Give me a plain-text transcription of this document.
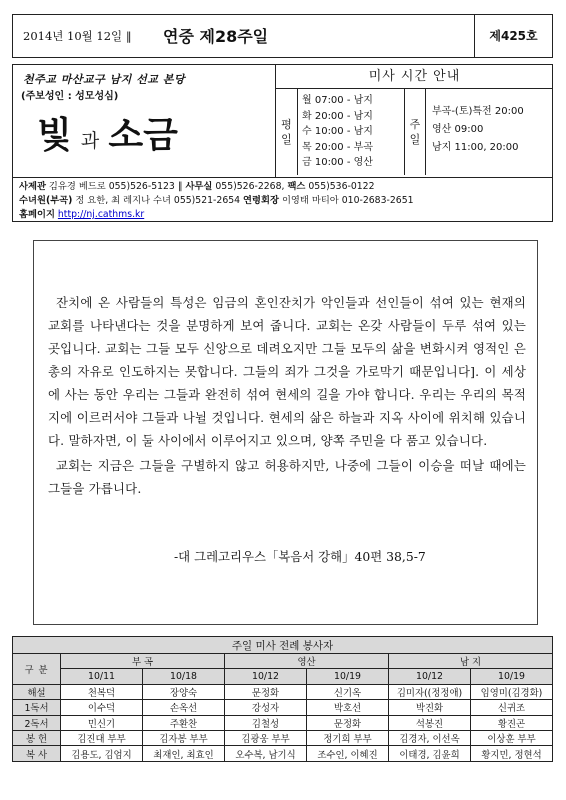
2014년 10월 12일 ‖ 연중 제28주일	제425호
천주교 마산교구 남지 선교 본당
(주보성인 : 성모성심)
빛 과 소금
미사 시간 안내
평
일
월 07:00 - 남지
화 20:00 - 남지
수 10:00 - 남지
목 20:00 - 부곡
금 10:00 - 영산
주
일
부곡-(토)특전 20:00
영산 09:00
남지 11:00, 20:00
사제관 김유경 베드로 055)526-5123 ‖ 사무실 055)526-2268, 팩스 055)536-0122
수녀원(부곡) 정 요한, 최 레지나 수녀 055)521-2654 연령회장 이영태 마티아 010-2683-2651
홈페이지 http://nj.cathms.kr

잔치에 온 사람들의 특성은 임금의 혼인잔치가 악인들과 선인들이 섞여 있는 현재의 교회를 나타낸다는 것을 분명하게 보여 줍니다. 교회는 온갖 사람들이 두루 섞여 있는 곳입니다. 교회는 그들 모두 신앙으로 데려오지만 그들 모두의 삶을 변화시켜 영적인 은총의 자유로 인도하지는 못합니다. 그들의 죄가 그것을 가로막기 때문입니다]. 이 세상에 사는 동안 우리는 그들과 완전히 섞여 현세의 길을 가야 합니다. 우리는 우리의 목적지에 이르러서야 그들과 나뉠 것입니다. 현세의 삶은 하늘과 지옥 사이에 위치해 있습니다. 말하자면, 이 둘 사이에서 이루어지고 있으며, 양쪽 주민을 다 품고 있습니다.

교회는 지금은 그들을 구별하지 않고 허용하지만, 나중에 그들이 이승을 떠날 때에는 그들을 가릅니다.

-대 그레고리우스「복음서 강해」40편 38,5-7
주일 미사 전례 봉사자						
구 분	부 곡		영산		남 지	
	10/11	10/18	10/12	10/19	10/12	10/19
해설	천복덕	장양숙	문정화	신기옥	김미자((정정애)	임영미(김경화)
1독서	이수덕	손옥선	강성자	박호선	박진화	신귀조
2독서	민신기	주환찬	김철성	문정화	석봉진	황진곤
봉 헌	김진대 부부	김자봉 부부	김광웅 부부	정기희 부부	김경자, 이선옥	이상훈 부부
복 사	김용도, 김엄지	최재인, 최효인	오수복, 남기식	조수인, 이혜진	이태경, 김윤희	황지민, 정현석
